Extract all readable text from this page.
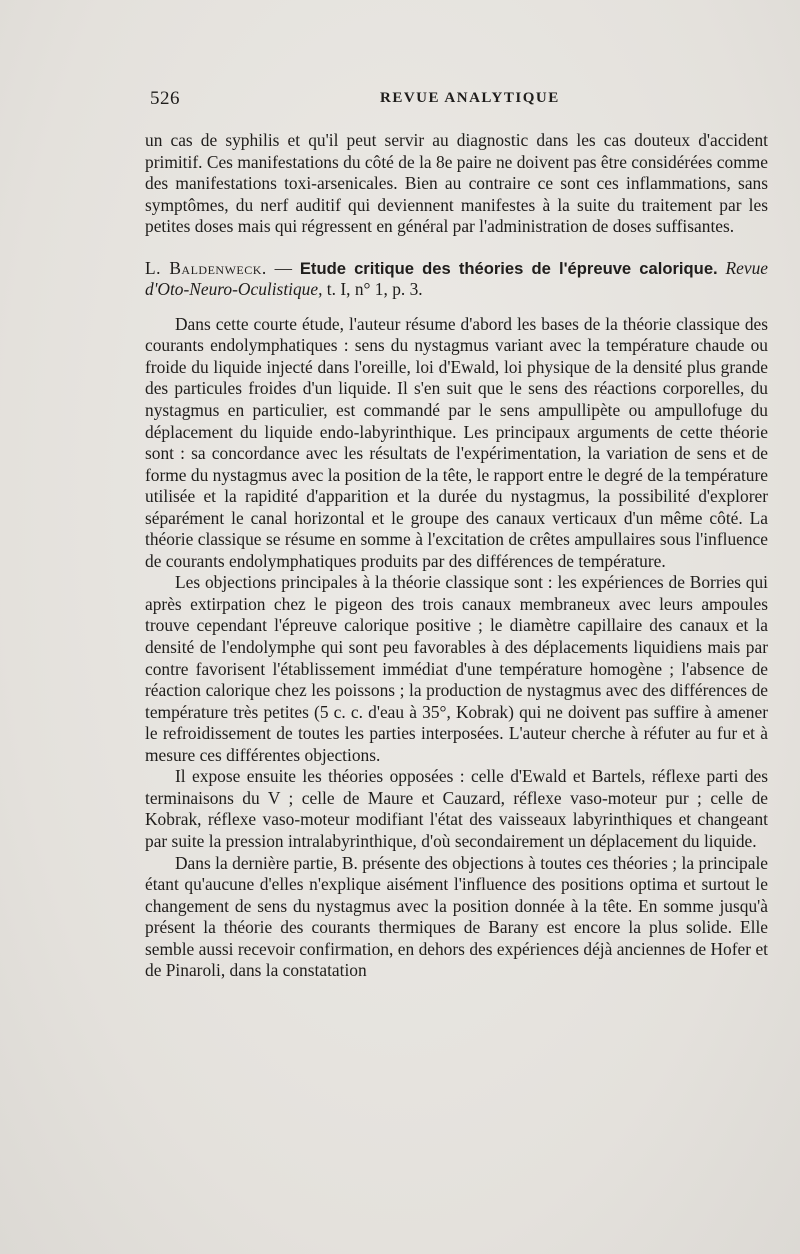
526	REVUE ANALYTIQUE

un cas de syphilis et qu'il peut servir au diagnostic dans les cas douteux d'accident primitif. Ces manifestations du côté de la 8e paire ne doivent pas être considérées comme des manifestations toxi-arsenicales. Bien au contraire ce sont ces inflammations, sans symptômes, du nerf auditif qui deviennent manifestes à la suite du traitement par les petites doses mais qui régressent en général par l'administration de doses suffisantes.

L. Baldenweck. — Etude critique des théories de l'épreuve calorique. Revue d'Oto-Neuro-Oculistique, t. I, n° 1, p. 3.

Dans cette courte étude, l'auteur résume d'abord les bases de la théorie classique des courants endolymphatiques : sens du nystagmus variant avec la température chaude ou froide du liquide injecté dans l'oreille, loi d'Ewald, loi physique de la densité plus grande des particules froides d'un liquide. Il s'en suit que le sens des réactions corporelles, du nystagmus en particulier, est commandé par le sens ampullipète ou ampullofuge du déplacement du liquide endo-labyrinthique. Les principaux arguments de cette théorie sont : sa concordance avec les résultats de l'expérimentation, la variation de sens et de forme du nystagmus avec la position de la tête, le rapport entre le degré de la température utilisée et la rapidité d'apparition et la durée du nystagmus, la possibilité d'explorer séparément le canal horizontal et le groupe des canaux verticaux d'un même côté. La théorie classique se résume en somme à l'excitation de crêtes ampullaires sous l'influence de courants endolymphatiques produits par des différences de température.

Les objections principales à la théorie classique sont : les expériences de Borries qui après extirpation chez le pigeon des trois canaux membraneux avec leurs ampoules trouve cependant l'épreuve calorique positive ; le diamètre capillaire des canaux et la densité de l'endolymphe qui sont peu favorables à des déplacements liquidiens mais par contre favorisent l'établissement immédiat d'une température homogène ; l'absence de réaction calorique chez les poissons ; la production de nystagmus avec des différences de température très petites (5 c. c. d'eau à 35°, Kobrak) qui ne doivent pas suffire à amener le refroidissement de toutes les parties interposées. L'auteur cherche à réfuter au fur et à mesure ces différentes objections.

Il expose ensuite les théories opposées : celle d'Ewald et Bartels, réflexe parti des terminaisons du V ; celle de Maure et Cauzard, réflexe vaso-moteur pur ; celle de Kobrak, réflexe vaso-moteur modifiant l'état des vaisseaux labyrinthiques et changeant par suite la pression intralabyrinthique, d'où secondairement un déplacement du liquide.

Dans la dernière partie, B. présente des objections à toutes ces théories ; la principale étant qu'aucune d'elles n'explique aisément l'influence des positions optima et surtout le changement de sens du nystagmus avec la position donnée à la tête. En somme jusqu'à présent la théorie des courants thermiques de Barany est encore la plus solide. Elle semble aussi recevoir confirmation, en dehors des expériences déjà anciennes de Hofer et de Pinaroli, dans la constatation
